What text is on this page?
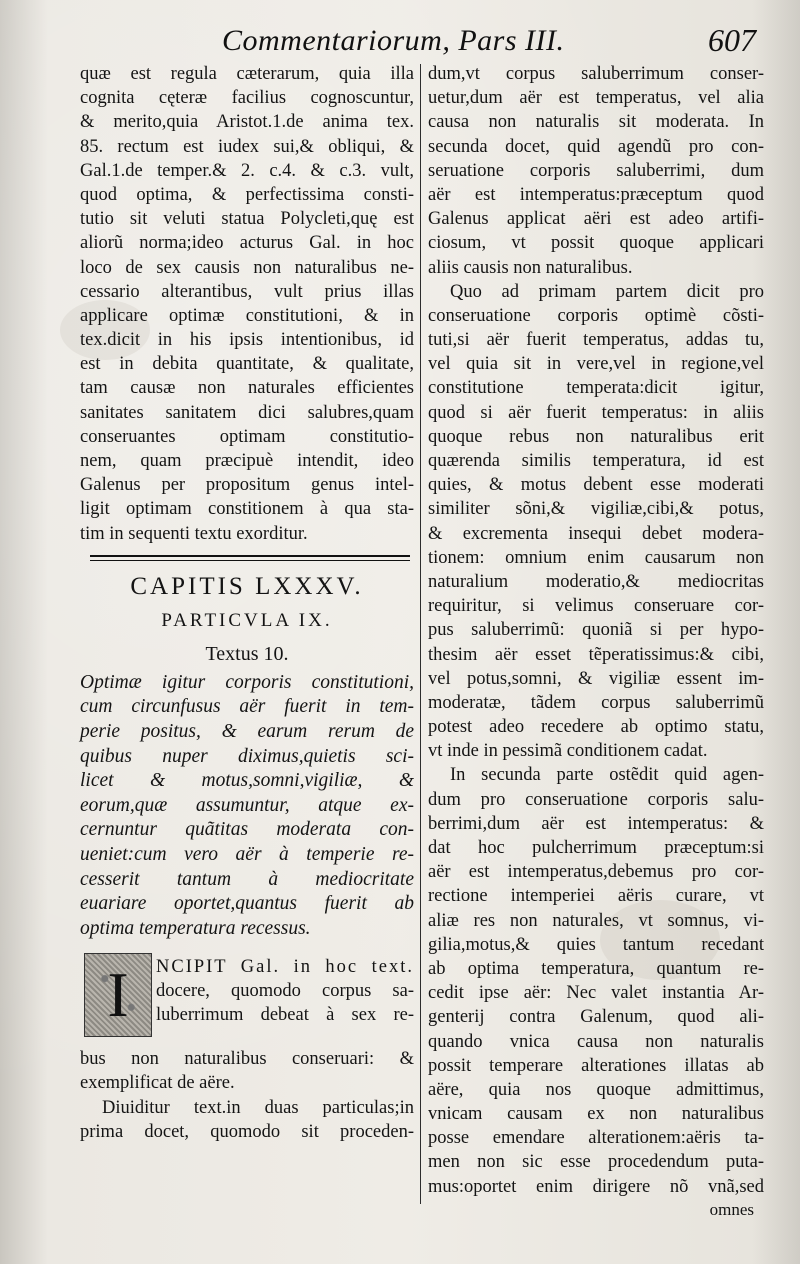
Commentariorum, Pars III.	607
quæ est regula cæterarum, quia illa
cognita cęteræ facilius cognoscuntur,
& merito,quia Aristot.1.de anima tex.
85. rectum est iudex sui,& obliqui, &
Gal.1.de temper.& 2. c.4. & c.3. vult,
quod optima, & perfectissima consti-
tutio sit veluti statua Polycleti,quę est
aliorũ norma;ideo acturus Gal. in hoc
loco de sex causis non naturalibus ne-
cessario alterantibus, vult prius illas
applicare optimæ constitutioni, & in
tex.dicit in his ipsis intentionibus, id
est in debita quantitate, & qualitate,
tam causæ non naturales efficientes
sanitates sanitatem dici salubres,quam
conseruantes optimam constitutio-
nem, quam præcipuè intendit, ideo
Galenus per propositum genus intel-
ligit optimam constitionem à qua sta-
tim in sequenti textu exorditur.
CAPITIS LXXXV.
PARTICVLA IX.
Textus 10.
Optimæ igitur corporis constitutioni,
cum circunfusus aër fuerit in tem-
perie positus, & earum rerum de
quibus nuper diximus,quietis sci-
licet & motus,somni,vigiliæ, &
eorum,quæ assumuntur, atque ex-
cernuntur quãtitas moderata con-
ueniet:cum vero aër à temperie re-
cesserit tantum à mediocritate
euariare oportet,quantus fuerit ab
optima temperatura recessus.
I	NCIPIT Gal. in hoc text.
docere, quomodo corpus sa-
luberrimum debeat à sex re-
bus non naturalibus conseruari: &
exemplificat de aëre.
Diuiditur text.in duas particulas;in
prima docet, quomodo sit proceden-
dum,vt corpus saluberrimum conser-
uetur,dum aër est temperatus, vel alia
causa non naturalis sit moderata. In
secunda docet, quid agendũ pro con-
seruatione corporis saluberrimi, dum
aër est intemperatus:præceptum quod
Galenus applicat aëri est adeo artifi-
ciosum, vt possit quoque applicari
aliis causis non naturalibus.
Quo ad primam partem dicit pro
conseruatione corporis optimè cõsti-
tuti,si aër fuerit temperatus, addas tu,
vel quia sit in vere,vel in regione,vel
constitutione temperata:dicit igitur,
quod si aër fuerit temperatus: in aliis
quoque rebus non naturalibus erit
quærenda similis temperatura, id est
quies, & motus debent esse moderati
similiter sõni,& vigiliæ,cibi,& potus,
& excrementa insequi debet modera-
tionem: omnium enim causarum non
naturalium moderatio,& mediocritas
requiritur, si velimus conseruare cor-
pus saluberrimũ: quoniã si per hypo-
thesim aër esset tẽperatissimus:& cibi,
vel potus,somni, & vigiliæ essent im-
moderatæ, tãdem corpus saluberrimũ
potest adeo recedere ab optimo statu,
vt inde in pessimã conditionem cadat.
In secunda parte ostẽdit quid agen-
dum pro conseruatione corporis salu-
berrimi,dum aër est intemperatus: &
dat hoc pulcherrimum præceptum:si
aër est intemperatus,debemus pro cor-
rectione intemperiei aëris curare, vt
aliæ res non naturales, vt somnus, vi-
gilia,motus,& quies tantum recedant
ab optima temperatura, quantum re-
cedit ipse aër: Nec valet instantia Ar-
genterij contra Galenum, quod ali-
quando vnica causa non naturalis
possit temperare alterationes illatas ab
aëre, quia nos quoque admittimus,
vnicam causam ex non naturalibus
posse emendare alterationem:aëris ta-
men non sic esse procedendum puta-
mus:oportet enim dirigere nõ vnã,sed
omnes
